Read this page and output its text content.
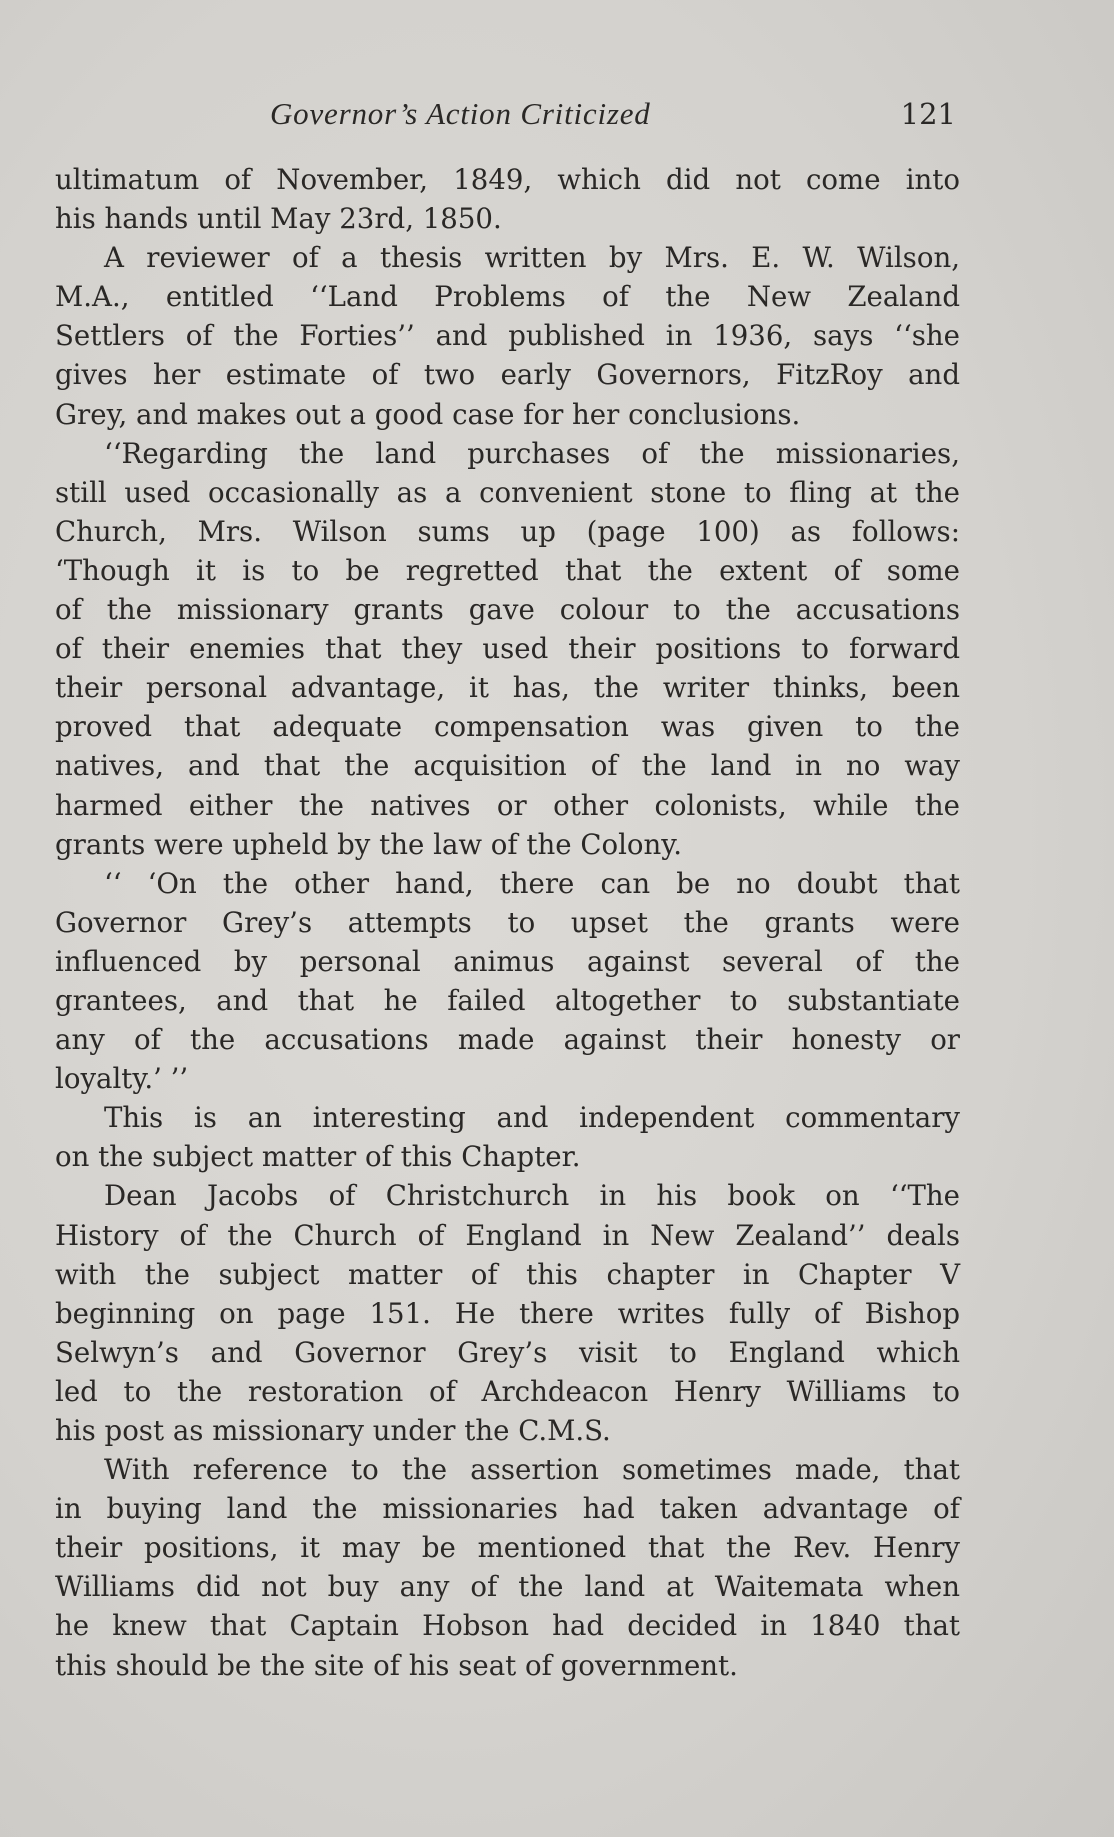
Governor’s Action Criticized	121
ultimatum of November, 1849, which did not come into
his hands until May 23rd, 1850.
A reviewer of a thesis written by Mrs. E. W. Wilson,
M.A., entitled ‘‘Land Problems of the New Zealand
Settlers of the Forties’’ and published in 1936, says ‘‘she
gives her estimate of two early Governors, FitzRoy and
Grey, and makes out a good case for her conclusions.
‘‘Regarding the land purchases of the missionaries,
still used occasionally as a convenient stone to fling at the
Church, Mrs. Wilson sums up (page 100) as follows:
‘Though it is to be regretted that the extent of some
of the missionary grants gave colour to the accusations
of their enemies that they used their positions to forward
their personal advantage, it has, the writer thinks, been
proved that adequate compensation was given to the
natives, and that the acquisition of the land in no way
harmed either the natives or other colonists, while the
grants were upheld by the law of the Colony.
‘‘ ‘On the other hand, there can be no doubt that
Governor Grey’s attempts to upset the grants were
influenced by personal animus against several of the
grantees, and that he failed altogether to substantiate
any of the accusations made against their honesty or
loyalty.’ ’’
This is an interesting and independent commentary
on the subject matter of this Chapter.
Dean Jacobs of Christchurch in his book on ‘‘The
History of the Church of England in New Zealand’’ deals
with the subject matter of this chapter in Chapter V
beginning on page 151. He there writes fully of Bishop
Selwyn’s and Governor Grey’s visit to England which
led to the restoration of Archdeacon Henry Williams to
his post as missionary under the C.M.S.
With reference to the assertion sometimes made, that
in buying land the missionaries had taken advantage of
their positions, it may be mentioned that the Rev. Henry
Williams did not buy any of the land at Waitemata when
he knew that Captain Hobson had decided in 1840 that
this should be the site of his seat of government.
